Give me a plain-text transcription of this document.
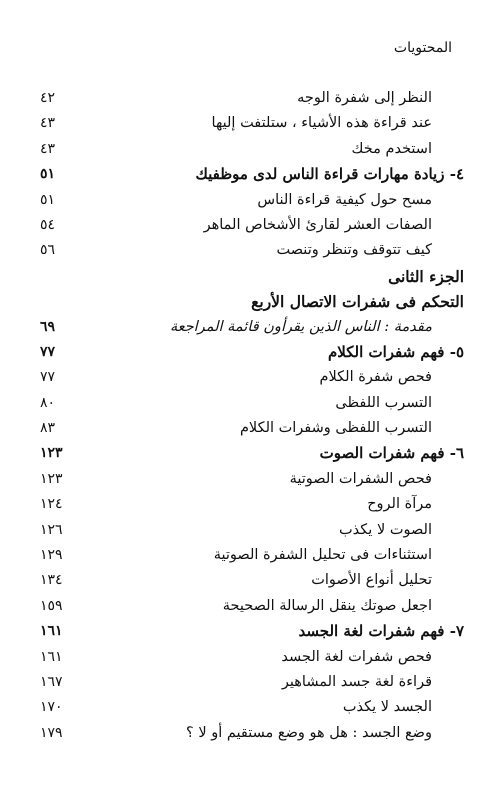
المحتويات
النظر إلى شفرة الوجه
٤٢
عند قراءة هذه الأشياء ، ستلتفت إليها
٤٣
استخدم مخك
٤٣
٤- زيادة مهارات قراءة الناس لدى موظفيك
٥١
مسح حول كيفية قراءة الناس
٥١
الصفات العشر لقارئ الأشخاص الماهر
٥٤
كيف تتوقف وتنظر وتنصت
٥٦
الجزء الثانى
التحكم فى شفرات الاتصال الأربع
مقدمة : الناس الذين يقرأون قائمة المراجعة
٦٩
٥- فهم شفرات الكلام
٧٧
فحص شفرة الكلام
٧٧
التسرب اللفظى
٨٠
التسرب اللفظى وشفرات الكلام
٨٣
٦- فهم شفرات الصوت
١٢٣
فحص الشفرات الصوتية
١٢٣
مرآة الروح
١٢٤
الصوت لا يكذب
١٢٦
استثناءات فى تحليل الشفرة الصوتية
١٢٩
تحليل أنواع الأصوات
١٣٤
اجعل صوتك ينقل الرسالة الصحيحة
١٥٩
٧- فهم شفرات لغة الجسد
١٦١
فحص شفرات لغة الجسد
١٦١
قراءة لغة جسد المشاهير
١٦٧
الجسد لا يكذب
١٧٠
وضع الجسد : هل هو وضع مستقيم أو لا ؟
١٧٩
